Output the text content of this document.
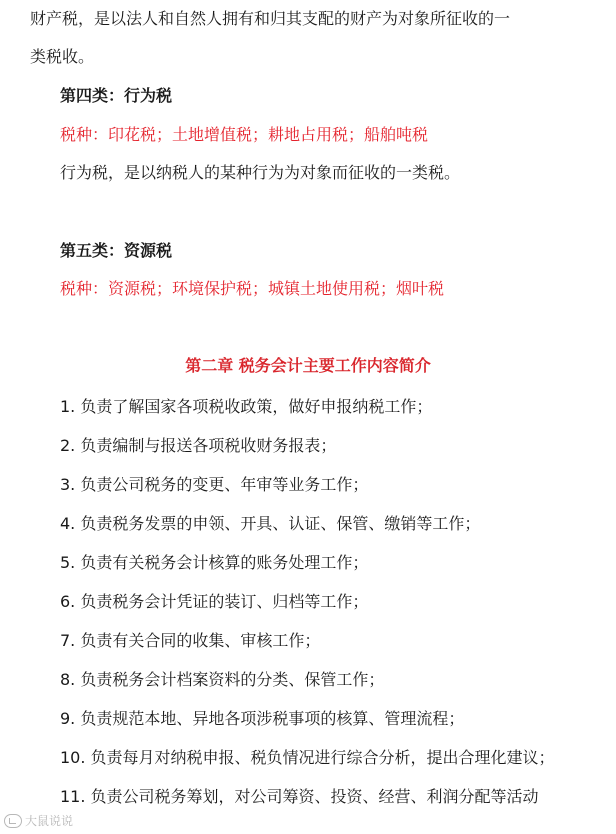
财产税，是以法人和自然人拥有和归其支配的财产为对象所征收的一
类税收。
第四类：行为税
税种：印花税；土地增值税；耕地占用税；船舶吨税
行为税，是以纳税人的某种行为为对象而征收的一类税。
第五类：资源税
税种：资源税；环境保护税；城镇土地使用税；烟叶税
第二章 税务会计主要工作内容简介
1. 负责了解国家各项税收政策，做好申报纳税工作；
2. 负责编制与报送各项税收财务报表；
3. 负责公司税务的变更、年审等业务工作；
4. 负责税务发票的申领、开具、认证、保管、缴销等工作；
5. 负责有关税务会计核算的账务处理工作；
6. 负责税务会计凭证的装订、归档等工作；
7. 负责有关合同的收集、审核工作；
8. 负责税务会计档案资料的分类、保管工作；
9. 负责规范本地、异地各项涉税事项的核算、管理流程；
10. 负责每月对纳税申报、税负情况进行综合分析，提出合理化建议；
11. 负责公司税务筹划，对公司筹资、投资、经营、利润分配等活动
大鼠说说
